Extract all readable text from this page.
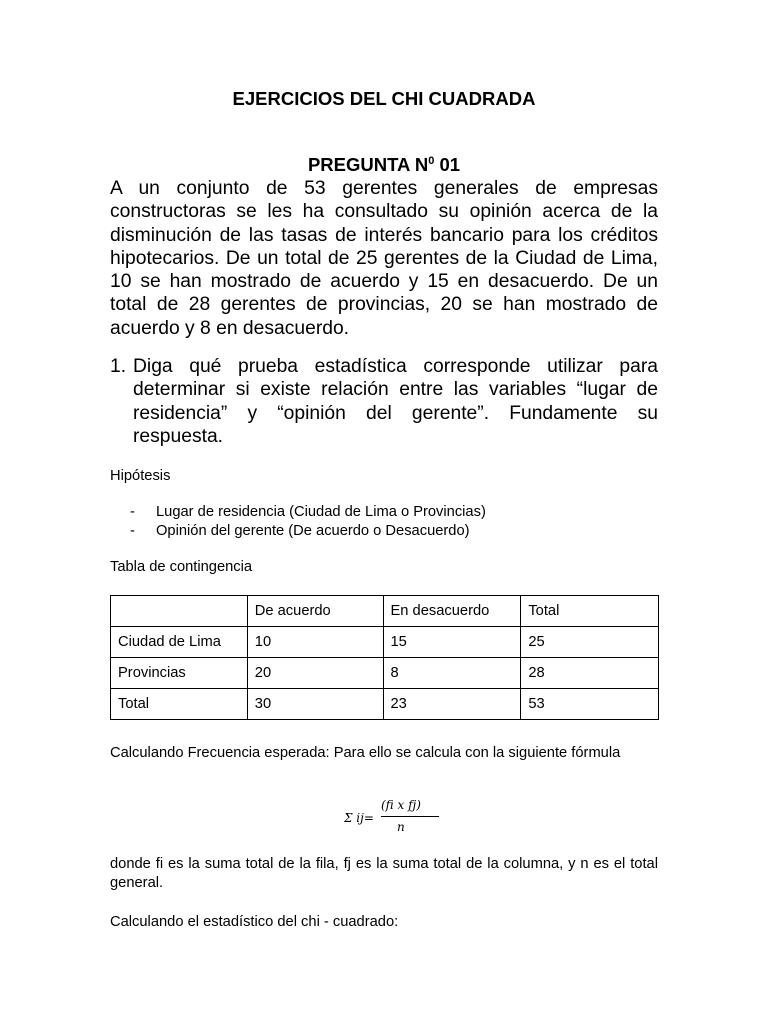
EJERCICIOS DEL CHI CUADRADA
PREGUNTA $N^0$ 01

A un conjunto de 53 gerentes generales de empresas constructoras se les ha consultado su opinión acerca de la disminución de las tasas de interés bancario para los créditos hipotecarios. De un total de 25 gerentes de la Ciudad de Lima, 10 se han mostrado de acuerdo y 15 en desacuerdo. De un total de 28 gerentes de provincias, 20 se han mostrado de acuerdo y 8 en desacuerdo.

1. Diga qué prueba estadística corresponde utilizar para determinar si existe relación entre las variables “lugar de residencia” y “opinión del gerente”. Fundamente su respuesta.

Hipótesis

- Lugar de residencia (Ciudad de Lima o Provincias)
- Opinión del gerente (De acuerdo o Desacuerdo)

Tabla de contingencia

	De acuerdo	En desacuerdo	Total
Ciudad de Lima	10	15	25
Provincias	20	8	28
Total	30	23	53

Calculando Frecuencia esperada: Para ello se calcula con la siguiente fórmula

Σ ij=
(fi x fj)
n

donde fi es la suma total de la fila, fj es la suma total de la columna, y n es el total general.

Calculando el estadístico del chi - cuadrado:
